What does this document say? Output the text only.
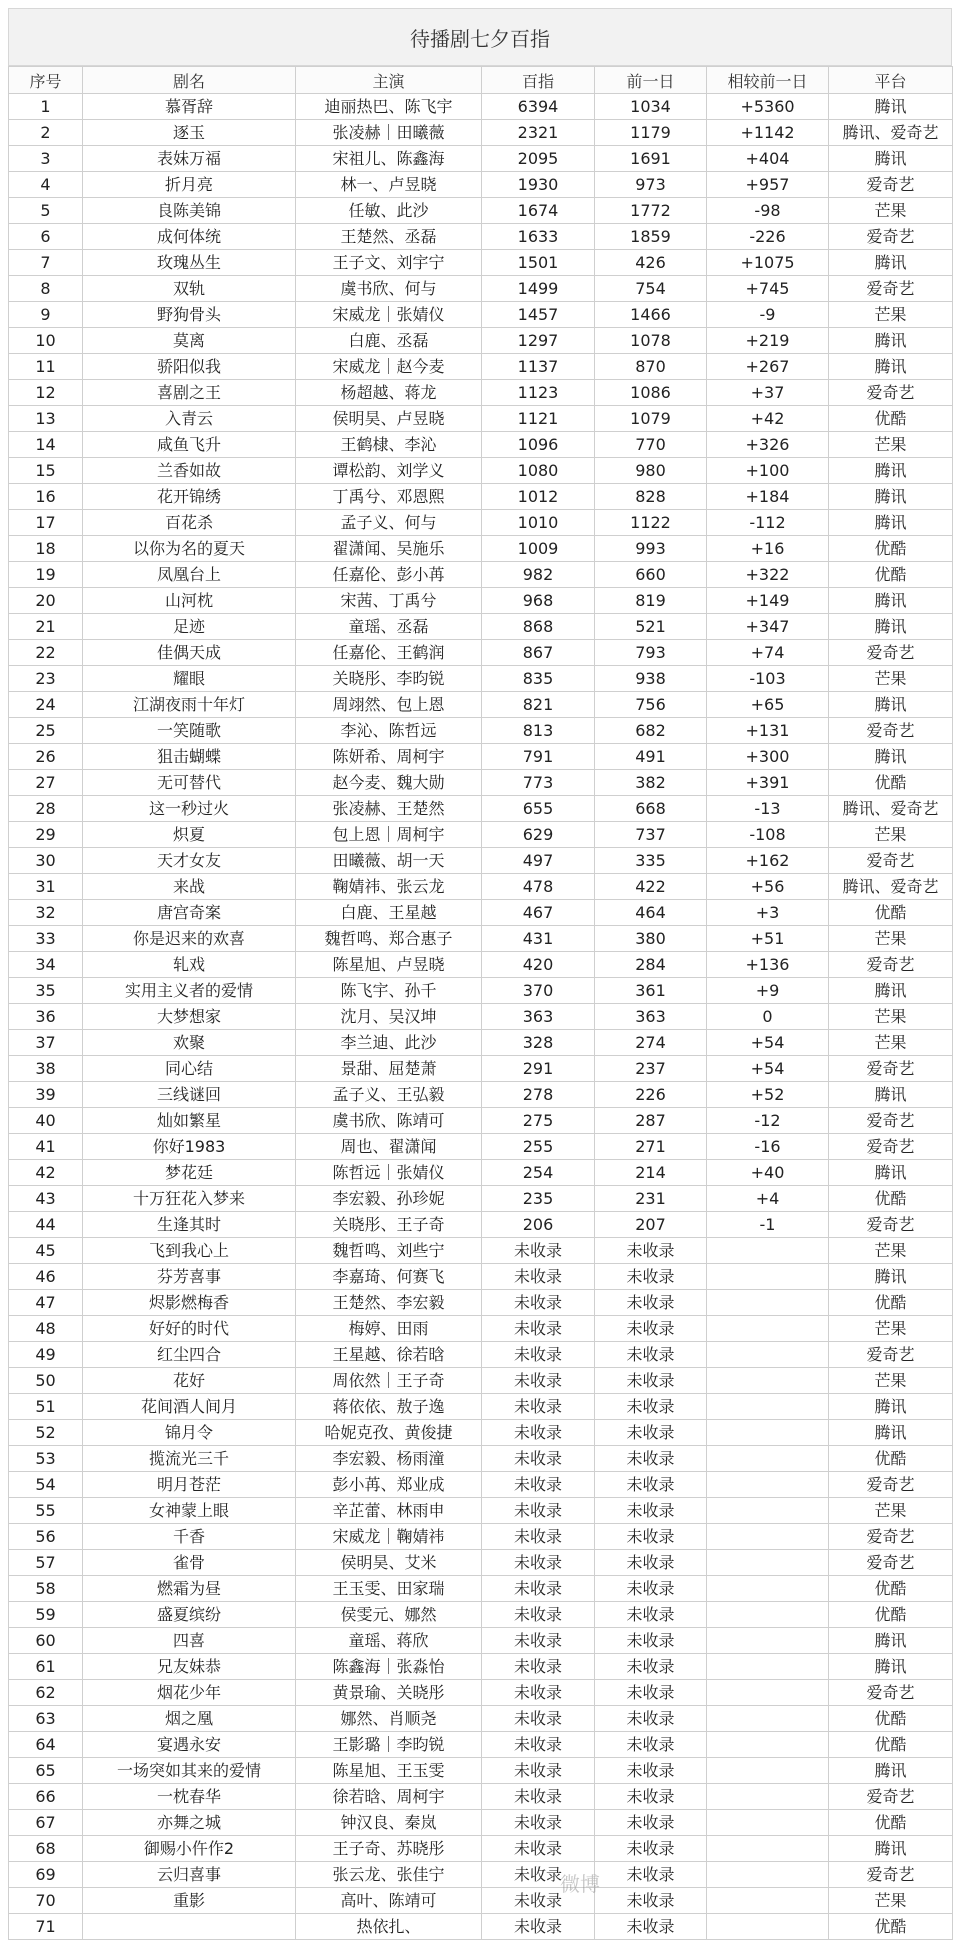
待播剧七夕百指
序号	剧名	主演	百指	前一日	相较前一日	平台
1	慕胥辞	迪丽热巴、陈飞宇	6394	1034	+5360	腾讯
2	逐玉	张凌赫｜田曦薇	2321	1179	+1142	腾讯、爱奇艺
3	表妹万福	宋祖儿、陈鑫海	2095	1691	+404	腾讯
4	折月亮	林一、卢昱晓	1930	973	+957	爱奇艺
5	良陈美锦	任敏、此沙	1674	1772	-98	芒果
6	成何体统	王楚然、丞磊	1633	1859	-226	爱奇艺
7	玫瑰丛生	王子文、刘宇宁	1501	426	+1075	腾讯
8	双轨	虞书欣、何与	1499	754	+745	爱奇艺
9	野狗骨头	宋威龙｜张婧仪	1457	1466	-9	芒果
10	莫离	白鹿、丞磊	1297	1078	+219	腾讯
11	骄阳似我	宋威龙｜赵今麦	1137	870	+267	腾讯
12	喜剧之王	杨超越、蒋龙	1123	1086	+37	爱奇艺
13	入青云	侯明昊、卢昱晓	1121	1079	+42	优酷
14	咸鱼飞升	王鹤棣、李沁	1096	770	+326	芒果
15	兰香如故	谭松韵、刘学义	1080	980	+100	腾讯
16	花开锦绣	丁禹兮、邓恩熙	1012	828	+184	腾讯
17	百花杀	孟子义、何与	1010	1122	-112	腾讯
18	以你为名的夏天	翟潇闻、吴施乐	1009	993	+16	优酷
19	凤凰台上	任嘉伦、彭小苒	982	660	+322	优酷
20	山河枕	宋茜、丁禹兮	968	819	+149	腾讯
21	足迹	童瑶、丞磊	868	521	+347	腾讯
22	佳偶天成	任嘉伦、王鹤润	867	793	+74	爱奇艺
23	耀眼	关晓彤、李昀锐	835	938	-103	芒果
24	江湖夜雨十年灯	周翊然、包上恩	821	756	+65	腾讯
25	一笑随歌	李沁、陈哲远	813	682	+131	爱奇艺
26	狙击蝴蝶	陈妍希、周柯宇	791	491	+300	腾讯
27	无可替代	赵今麦、魏大勋	773	382	+391	优酷
28	这一秒过火	张凌赫、王楚然	655	668	-13	腾讯、爱奇艺
29	炽夏	包上恩｜周柯宇	629	737	-108	芒果
30	天才女友	田曦薇、胡一天	497	335	+162	爱奇艺
31	来战	鞠婧祎、张云龙	478	422	+56	腾讯、爱奇艺
32	唐宫奇案	白鹿、王星越	467	464	+3	优酷
33	你是迟来的欢喜	魏哲鸣、郑合惠子	431	380	+51	芒果
34	轧戏	陈星旭、卢昱晓	420	284	+136	爱奇艺
35	实用主义者的爱情	陈飞宇、孙千	370	361	+9	腾讯
36	大梦想家	沈月、吴汉坤	363	363	0	芒果
37	欢聚	李兰迪、此沙	328	274	+54	芒果
38	同心结	景甜、屈楚萧	291	237	+54	爱奇艺
39	三线谜回	孟子义、王弘毅	278	226	+52	腾讯
40	灿如繁星	虞书欣、陈靖可	275	287	-12	爱奇艺
41	你好1983	周也、翟潇闻	255	271	-16	爱奇艺
42	梦花廷	陈哲远｜张婧仪	254	214	+40	腾讯
43	十万狂花入梦来	李宏毅、孙珍妮	235	231	+4	优酷
44	生逢其时	关晓彤、王子奇	206	207	-1	爱奇艺
45	飞到我心上	魏哲鸣、刘些宁	未收录	未收录		芒果
46	芬芳喜事	李嘉琦、何赛飞	未收录	未收录		腾讯
47	烬影燃梅香	王楚然、李宏毅	未收录	未收录		优酷
48	好好的时代	梅婷、田雨	未收录	未收录		芒果
49	红尘四合	王星越、徐若晗	未收录	未收录		爱奇艺
50	花好	周依然｜王子奇	未收录	未收录		芒果
51	花间酒人间月	蒋依依、敖子逸	未收录	未收录		腾讯
52	锦月令	哈妮克孜、黄俊捷	未收录	未收录		腾讯
53	揽流光三千	李宏毅、杨雨潼	未收录	未收录		优酷
54	明月苍茫	彭小苒、郑业成	未收录	未收录		爱奇艺
55	女神蒙上眼	辛芷蕾、林雨申	未收录	未收录		芒果
56	千香	宋威龙｜鞠婧祎	未收录	未收录		爱奇艺
57	雀骨	侯明昊、艾米	未收录	未收录		爱奇艺
58	燃霜为昼	王玉雯、田家瑞	未收录	未收录		优酷
59	盛夏缤纷	侯雯元、娜然	未收录	未收录		优酷
60	四喜	童瑶、蒋欣	未收录	未收录		腾讯
61	兄友妹恭	陈鑫海｜张淼怡	未收录	未收录		腾讯
62	烟花少年	黄景瑜、关晓彤	未收录	未收录		爱奇艺
63	烟之凰	娜然、肖顺尧	未收录	未收录		优酷
64	宴遇永安	王影璐｜李昀锐	未收录	未收录		优酷
65	一场突如其来的爱情	陈星旭、王玉雯	未收录	未收录		腾讯
66	一枕春华	徐若晗、周柯宇	未收录	未收录		爱奇艺
67	亦舞之城	钟汉良、秦岚	未收录	未收录		优酷
68	御赐小仵作2	王子奇、苏晓彤	未收录	未收录		腾讯
69	云归喜事	张云龙、张佳宁	未收录	未收录		爱奇艺
70	重影	高叶、陈靖可	未收录	未收录		芒果
71		热依扎、	未收录	未收录		优酷
微博
